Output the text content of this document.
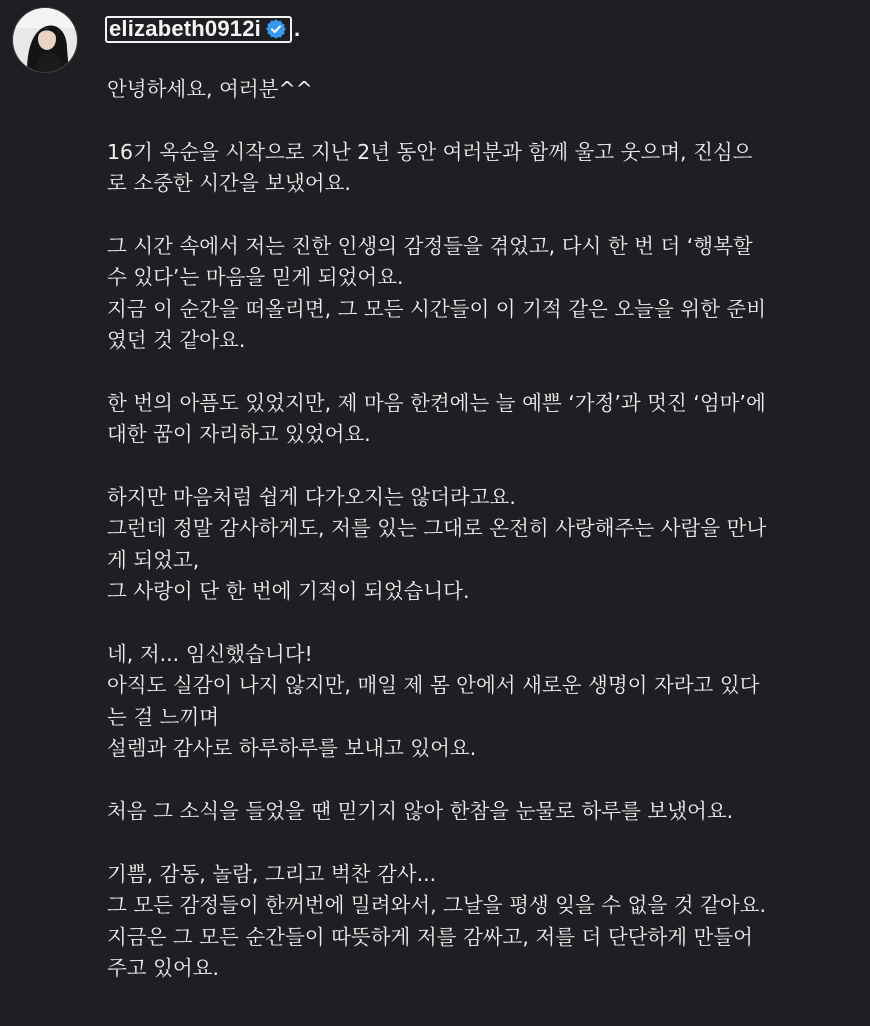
elizabeth0912i .
안녕하세요, 여러분^^
16기 옥순을 시작으로 지난 2년 동안 여러분과 함께 울고 웃으며, 진심으
로 소중한 시간을 보냈어요.
그 시간 속에서 저는 진한 인생의 감정들을 겪었고, 다시 한 번 더 ‘행복할
수 있다’는 마음을 믿게 되었어요.
지금 이 순간을 떠올리면, 그 모든 시간들이 이 기적 같은 오늘을 위한 준비
였던 것 같아요.
한 번의 아픔도 있었지만, 제 마음 한켠에는 늘 예쁜 ‘가정’과 멋진 ‘엄마’에
대한 꿈이 자리하고 있었어요.
하지만 마음처럼 쉽게 다가오지는 않더라고요.
그런데 정말 감사하게도, 저를 있는 그대로 온전히 사랑해주는 사람을 만나
게 되었고,
그 사랑이 단 한 번에 기적이 되었습니다.
네, 저... 임신했습니다!
아직도 실감이 나지 않지만, 매일 제 몸 안에서 새로운 생명이 자라고 있다
는 걸 느끼며
설렘과 감사로 하루하루를 보내고 있어요.
처음 그 소식을 들었을 땐 믿기지 않아 한참을 눈물로 하루를 보냈어요.
기쁨, 감동, 놀람, 그리고 벅찬 감사...
그 모든 감정들이 한꺼번에 밀려와서, 그날을 평생 잊을 수 없을 것 같아요.
지금은 그 모든 순간들이 따뜻하게 저를 감싸고, 저를 더 단단하게 만들어
주고 있어요.
